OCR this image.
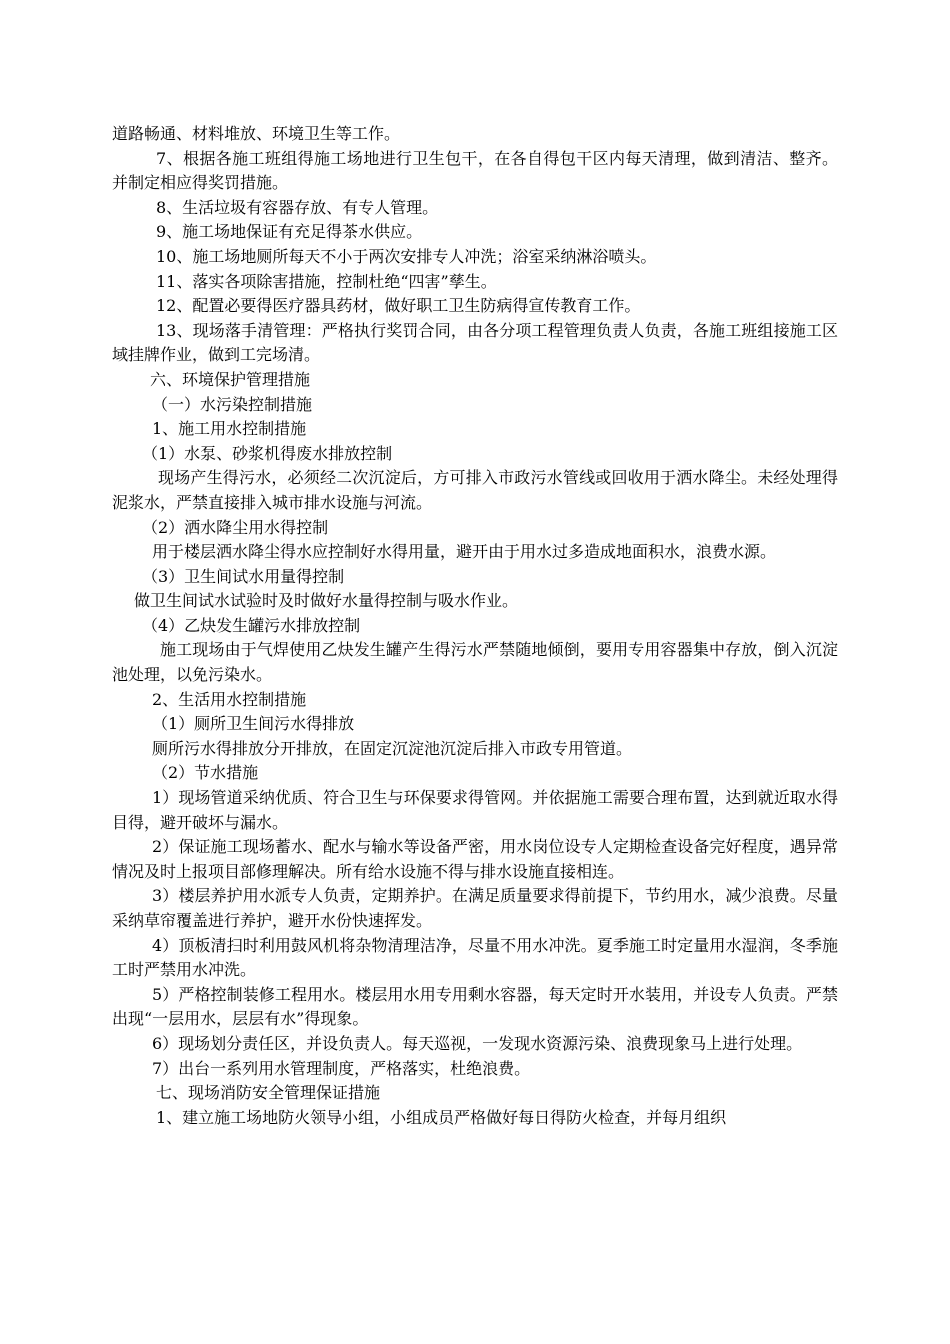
道路畅通、材料堆放、环境卫生等工作。

7、根据各施工班组得施工场地进行卫生包干，在各自得包干区内每天清理，做到清洁、整齐。并制定相应得奖罚措施。

8、生活垃圾有容器存放、有专人管理。

9、施工场地保证有充足得茶水供应。

10、施工场地厕所每天不小于两次安排专人冲洗；浴室采纳淋浴喷头。

11、落实各项除害措施，控制杜绝“四害”孳生。

12、配置必要得医疗器具药材，做好职工卫生防病得宣传教育工作。

13、现场落手清管理：严格执行奖罚合同，由各分项工程管理负责人负责，各施工班组接施工区域挂牌作业，做到工完场清。

六、环境保护管理措施

（一）水污染控制措施

1、施工用水控制措施

（1）水泵、砂浆机得废水排放控制

现场产生得污水，必须经二次沉淀后，方可排入市政污水管线或回收用于洒水降尘。未经处理得泥浆水，严禁直接排入城市排水设施与河流。

（2）洒水降尘用水得控制

用于楼层洒水降尘得水应控制好水得用量，避开由于用水过多造成地面积水，浪费水源。

（3）卫生间试水用量得控制

做卫生间试水试验时及时做好水量得控制与吸水作业。

（4）乙炔发生罐污水排放控制

施工现场由于气焊使用乙炔发生罐产生得污水严禁随地倾倒，要用专用容器集中存放，倒入沉淀池处理，以免污染水。

2、生活用水控制措施

（1）厕所卫生间污水得排放

厕所污水得排放分开排放，在固定沉淀池沉淀后排入市政专用管道。

（2）节水措施

1）现场管道采纳优质、符合卫生与环保要求得管网。并依据施工需要合理布置，达到就近取水得目得，避开破坏与漏水。

2）保证施工现场蓄水、配水与输水等设备严密，用水岗位设专人定期检查设备完好程度，遇异常情况及时上报项目部修理解决。所有给水设施不得与排水设施直接相连。

3）楼层养护用水派专人负责，定期养护。在满足质量要求得前提下，节约用水，减少浪费。尽量采纳草帘覆盖进行养护，避开水份快速挥发。

4）顶板清扫时利用鼓风机将杂物清理洁净，尽量不用水冲洗。夏季施工时定量用水湿润，冬季施工时严禁用水冲洗。

5）严格控制装修工程用水。楼层用水用专用剩水容器，每天定时开水装用，并设专人负责。严禁出现“一层用水，层层有水”得现象。

6）现场划分责任区，并设负责人。每天巡视，一发现水资源污染、浪费现象马上进行处理。

7）出台一系列用水管理制度，严格落实，杜绝浪费。

七、现场消防安全管理保证措施

1、建立施工场地防火领导小组，小组成员严格做好每日得防火检查，并每月组织
